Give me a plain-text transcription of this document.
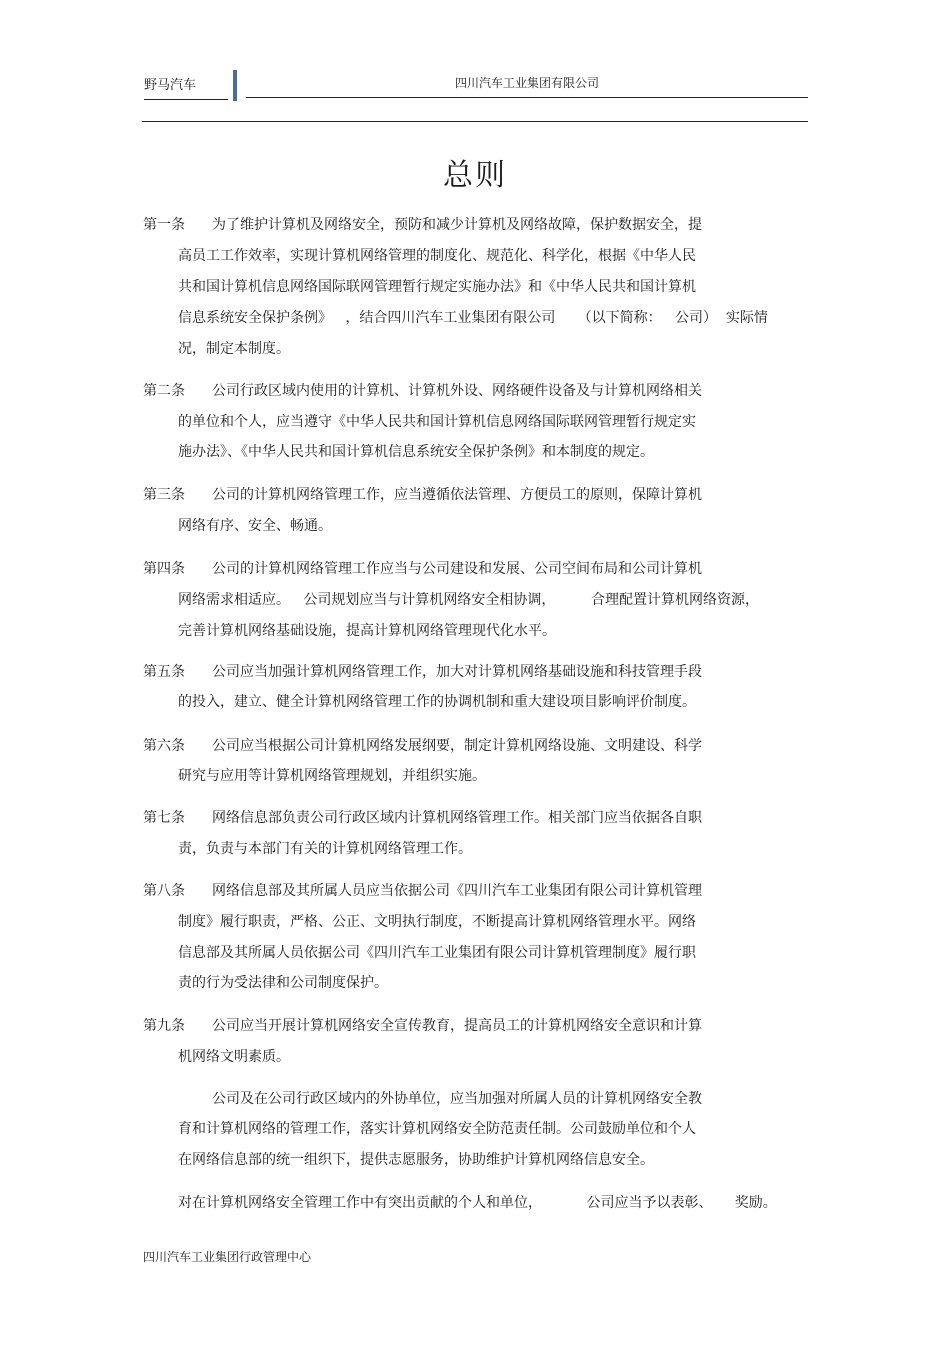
野马汽车	四川汽车工业集团有限公司
总则
第一条 为了维护计算机及网络安全，预防和减少计算机及网络故障，保护数据安全，提
高员工工作效率，实现计算机网络管理的制度化、规范化、科学化，根据《中华人民
共和国计算机信息网络国际联网管理暂行规定实施办法》和《中华人民共和国计算机
信息系统安全保护条例》   ，结合四川汽车工业集团有限公司     （以下简称：   公司）  实际情
况，制定本制度。
第二条 公司行政区域内使用的计算机、计算机外设、网络硬件设备及与计算机网络相关
的单位和个人，应当遵守《中华人民共和国计算机信息网络国际联网管理暂行规定实
施办法》、《中华人民共和国计算机信息系统安全保护条例》和本制度的规定。
第三条 公司的计算机网络管理工作，应当遵循依法管理、方便员工的原则，保障计算机
网络有序、安全、畅通。
第四条 公司的计算机网络管理工作应当与公司建设和发展、公司空间布局和公司计算机
网络需求相适应。   公司规划应当与计算机网络安全相协调，        合理配置计算机网络资源，
完善计算机网络基础设施，提高计算机网络管理现代化水平。
第五条 公司应当加强计算机网络管理工作，加大对计算机网络基础设施和科技管理手段
的投入，建立、健全计算机网络管理工作的协调机制和重大建设项目影响评价制度。
第六条 公司应当根据公司计算机网络发展纲要，制定计算机网络设施、文明建设、科学
研究与应用等计算机网络管理规划，并组织实施。
第七条 网络信息部负责公司行政区域内计算机网络管理工作。相关部门应当依据各自职
责，负责与本部门有关的计算机网络管理工作。
第八条 网络信息部及其所属人员应当依据公司《四川汽车工业集团有限公司计算机管理
制度》履行职责，严格、公正、文明执行制度，不断提高计算机网络管理水平。网络
信息部及其所属人员依据公司《四川汽车工业集团有限公司计算机管理制度》履行职
责的行为受法律和公司制度保护。
第九条 公司应当开展计算机网络安全宣传教育，提高员工的计算机网络安全意识和计算
机网络文明素质。
公司及在公司行政区域内的外协单位，应当加强对所属人员的计算机网络安全教
育和计算机网络的管理工作，落实计算机网络安全防范责任制。公司鼓励单位和个人
在网络信息部的统一组织下，提供志愿服务，协助维护计算机网络信息安全。
对在计算机网络安全管理工作中有突出贡献的个人和单位，          公司应当予以表彰、     奖励。
四川汽车工业集团行政管理中心
